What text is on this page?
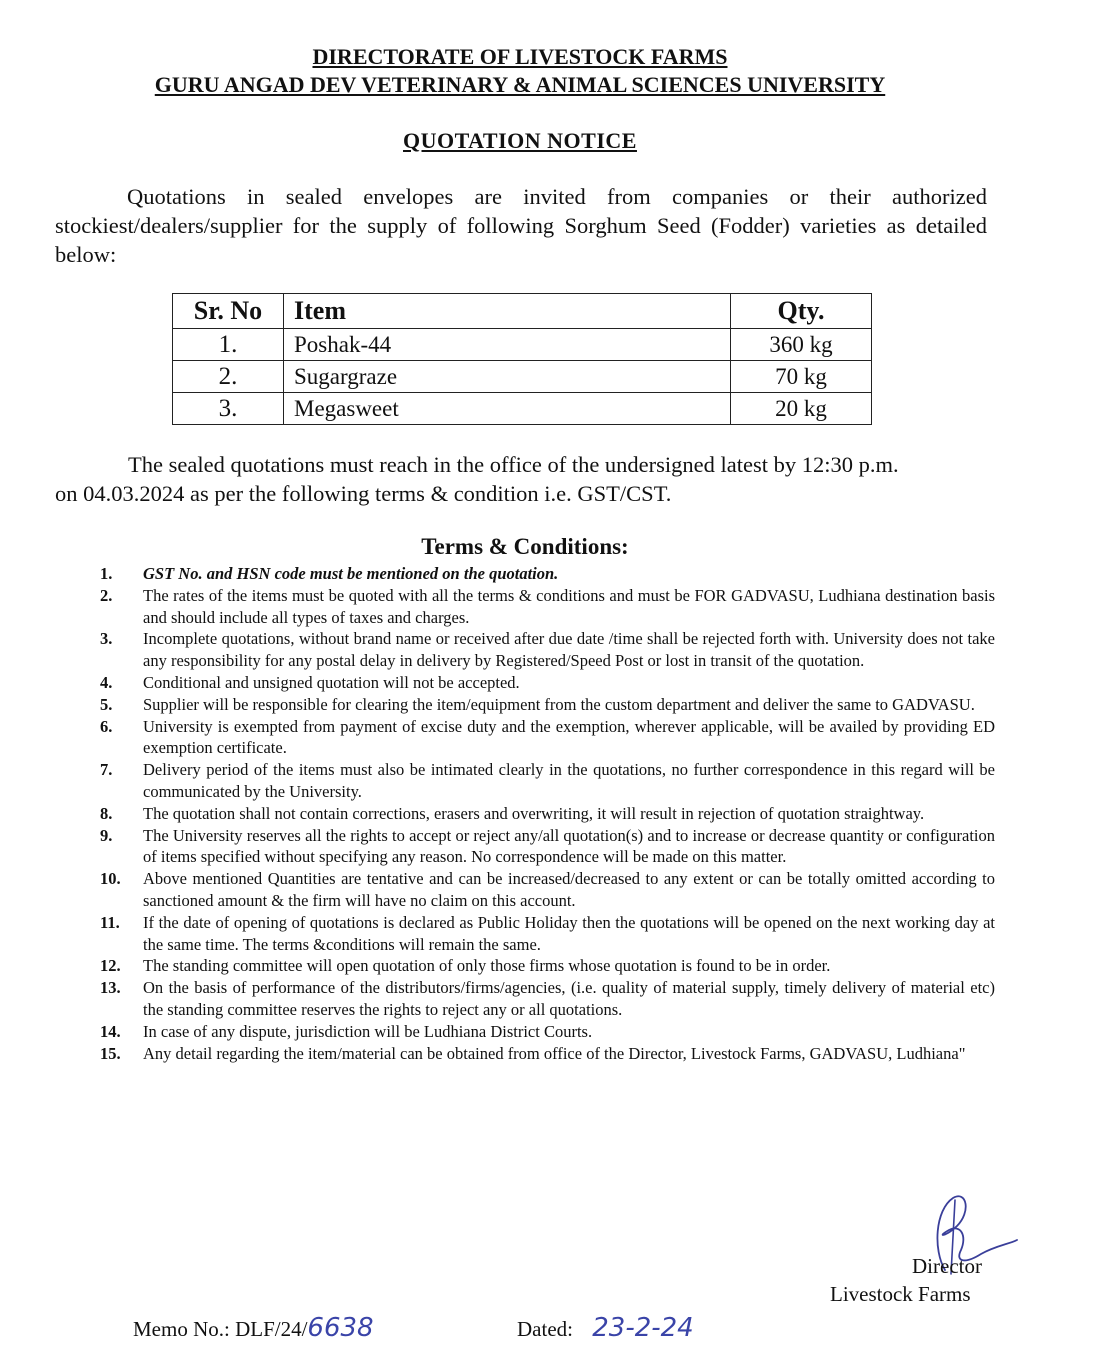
DIRECTORATE OF LIVESTOCK FARMS
GURU ANGAD DEV VETERINARY & ANIMAL SCIENCES UNIVERSITY
QUOTATION NOTICE
Quotations in sealed envelopes are invited from companies or their authorized stockiest/dealers/supplier for the supply of following Sorghum Seed (Fodder) varieties as detailed below:
Sr. No	Item	Qty.
1.	Poshak-44	360 kg
2.	Sugargraze	70 kg
3.	Megasweet	20 kg
The sealed quotations must reach in the office of the undersigned latest by 12:30 p.m.
on 04.03.2024 as per the following terms & condition i.e. GST/CST.
Terms & Conditions:
1.	GST No. and HSN code must be mentioned on the quotation.
2.	The rates of the items must be quoted with all the terms & conditions and must be FOR GADVASU, Ludhiana destination basis and should include all types of taxes and charges.
3.	Incomplete quotations, without brand name or received after due date /time shall be rejected forth with. University does not take any responsibility for any postal delay in delivery by Registered/Speed Post or lost in transit of the quotation.
4.	Conditional and unsigned quotation will not be accepted.
5.	Supplier will be responsible for clearing the item/equipment from the custom department and deliver the same to GADVASU.
6.	University is exempted from payment of excise duty and the exemption, wherever applicable, will be availed by providing ED exemption certificate.
7.	Delivery period of the items must also be intimated clearly in the quotations, no further correspondence in this regard will be communicated by the University.
8.	The quotation shall not contain corrections, erasers and overwriting, it will result in rejection of quotation straightway.
9.	The University reserves all the rights to accept or reject any/all quotation(s) and to increase or decrease quantity or configuration of items specified without specifying any reason. No correspondence will be made on this matter.
10.	Above mentioned Quantities are tentative and can be increased/decreased to any extent or can be totally omitted according to sanctioned amount & the firm will have no claim on this account.
11.	If the date of opening of quotations is declared as Public Holiday then the quotations will be opened on the next working day at the same time. The terms &conditions will remain the same.
12.	The standing committee will open quotation of only those firms whose quotation is found to be in order.
13.	On the basis of performance of the distributors/firms/agencies, (i.e. quality of material supply, timely delivery of material etc) the standing committee reserves the rights to reject any or all quotations.
14.	In case of any dispute, jurisdiction will be Ludhiana District Courts.
15.	Any detail regarding the item/material can be obtained from office of the Director, Livestock Farms, GADVASU, Ludhiana"
Director
Livestock Farms
Memo No.: DLF/24/6638	Dated: 23-2-24
